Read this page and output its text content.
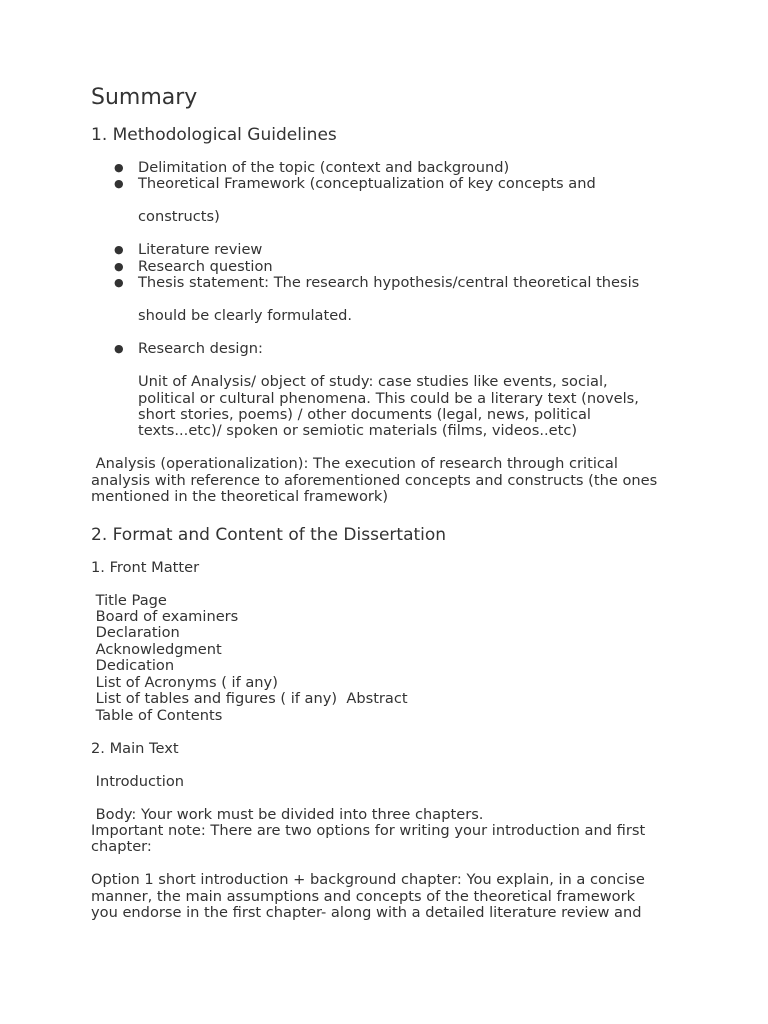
Summary
1. Methodological Guidelines
● Delimitation of the topic (context and background)
● Theoretical Framework (conceptualization of key concepts and
constructs)
● Literature review
● Research question
● Thesis statement: The research hypothesis/central theoretical thesis
should be clearly formulated.
● Research design:
Unit of Analysis/ object of study: case studies like events, social,
political or cultural phenomena. This could be a literary text (novels,
short stories, poems) / other documents (legal, news, political
texts...etc)/ spoken or semiotic materials (films, videos..etc)
Analysis (operationalization): The execution of research through critical
analysis with reference to aforementioned concepts and constructs (the ones
mentioned in the theoretical framework)
2. Format and Content of the Dissertation

1. Front Matter

Title Page
Board of examiners
Declaration
Acknowledgment
Dedication
List of Acronyms ( if any)
List of tables and figures ( if any)  Abstract
Table of Contents

2. Main Text

Introduction

Body: Your work must be divided into three chapters.
Important note: There are two options for writing your introduction and first
chapter:
Option 1 short introduction + background chapter: You explain, in a concise
manner, the main assumptions and concepts of the theoretical framework
you endorse in the first chapter- along with a detailed literature review and
